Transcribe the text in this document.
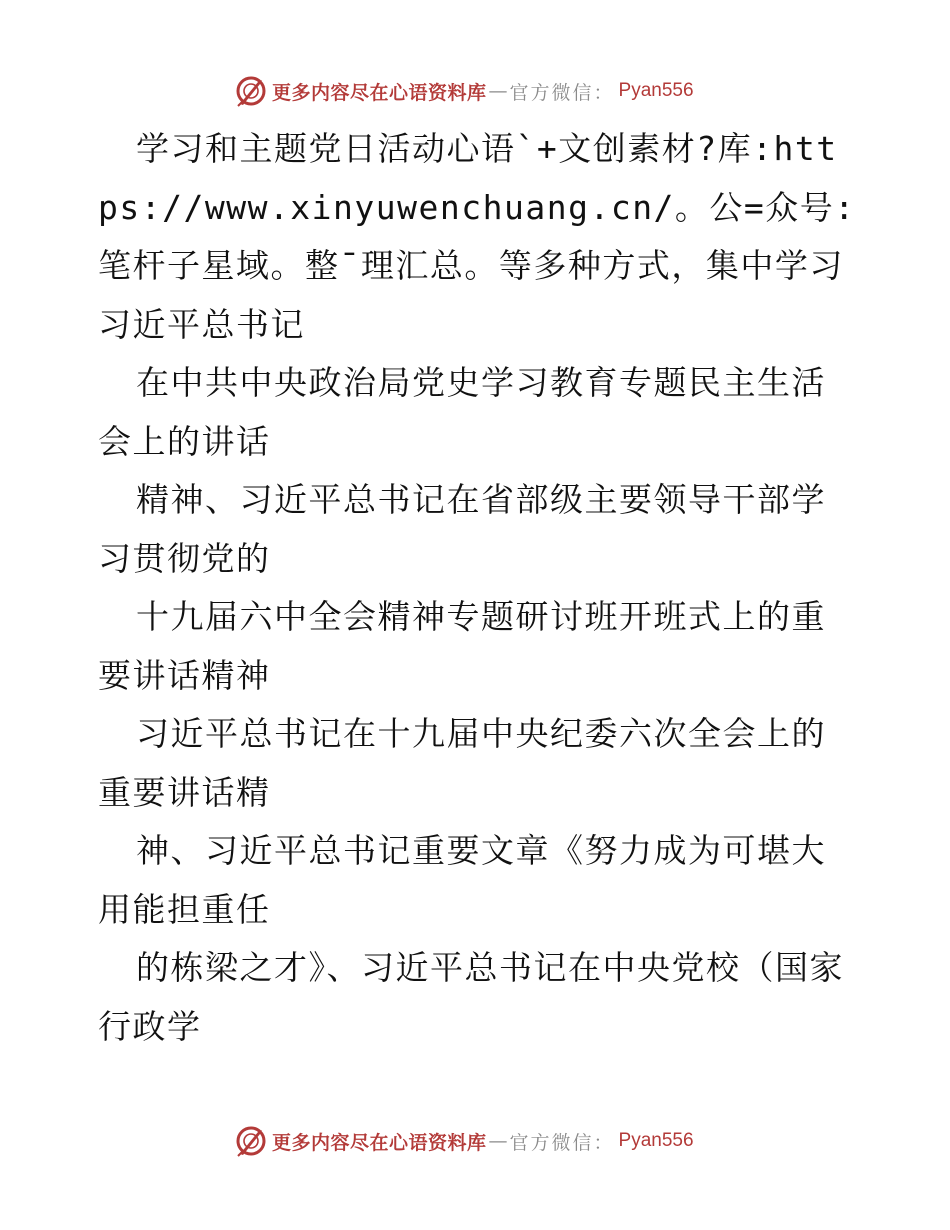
更多内容尽在心语资料库 — 官方微信： Pyan556

学习和主题党日活动心语`+文创素材?库:https://www.xinyuwenchuang.cn/。公=众号: 笔杆子星域。整¯理汇总。等多种方式，集中学习习近平总书记

在中共中央政治局党史学习教育专题民主生活会上的讲话

精神、习近平总书记在省部级主要领导干部学习贯彻党的

十九届六中全会精神专题研讨班开班式上的重要讲话精神

习近平总书记在十九届中央纪委六次全会上的重要讲话精

神、习近平总书记重要文章《努力成为可堪大用能担重任

的栋梁之才》、习近平总书记在中央党校（国家行政学

更多内容尽在心语资料库 — 官方微信： Pyan556
